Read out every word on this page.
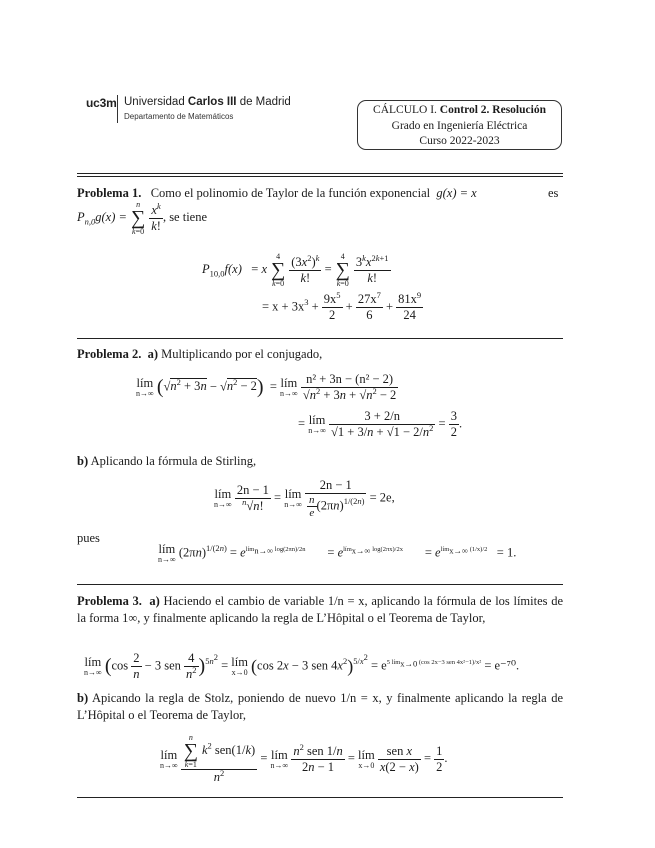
uc3m Universidad Carlos III de Madrid
Departamento de Matemáticos
CÁLCULO I. Control 2. Resolución
Grado en Ingeniería Eléctrica
Curso 2022-2023
Problema 1. Como el polinomio de Taylor de la función exponencial g(x) = x	es
$P_{n,0}g(x)$ =
n
∑
k=0
$\frac{x^k}{k!}$ , se tiene
$P_{10,0}f(x) = x$
4
∑
k=0
$\frac{(3x^2)^k}{k!}$ =
4
∑
k=0
$\frac{3^kx^{2k+1}}{k!}$
= $x + 3x^3 + \frac{9x^5}{2} + \frac{27x^7}{6} + \frac{81x^9}{24}$
Problema 2. a) Multiplicando por el conjugado,
lím
n→∞ $(√n^2 + 3n - √n^2 - 2)$  = lím
n→∞
$\frac{\text{n² + 3n − (n² − 2)}}{√n^2 + 3n + √n^2 - 2}$
= lím
n→∞
$\frac{3 + 2/n}{√1 + 3/n + √1 - 2/n^2} = \frac{3}{2}$ .
b) Aplicando la fórmula de Stirling,
lím
n→∞
$\frac{2n - 1}{^n√n!}$ = lím
n→∞
$\frac{2n - 1}{\frac{n}{e} (2\pi n)^{1/(2n)}} = 2e$,
pues
lím
n→∞
$(2\pi n)^{1/(2n)} = e^{lím_{n\to\infty} log(2\pi n)/2n}$       = $e^{lím_{x\to\infty} log(2\pi x)/2x}$       = $e^{lím_{x\to\infty} (1/x)/2} = 1$.
Problema 3. a) Haciendo el cambio de variable 1/n = x, aplicando la fórmula de los límites de la forma 1∞, y finalmente aplicando la regla de L’Hôpital o el Teorema de Taylor,
lím
n→∞ ($\cos \frac{2}{n} - 3$ sen $\frac{4}{n^2} )^{5n^2}$ = lím
x→0 (cos 2x − 3 sen $4x^2)^{5/x^2} = e^{5 lím_{x\to 0} (cos 2x-3 sen 4x^2-1)/x^2} = e^{-70}$.
b) Apicando la regla de Stolz, poniendo de nuevo 1/n = x, y finalmente aplicando la regla de L’Hôpital o el Teorema de Taylor,
lím
n→∞
n
∑
k=1
$k^2$ sen(1/k)
$n^2$ = lím
n→∞
$\frac{n^2 sen 1/n}{2n - 1}$ = lím
x→0
$\frac{\text{sen x}}{x(2 - x)} = \frac{1}{2}$ .
